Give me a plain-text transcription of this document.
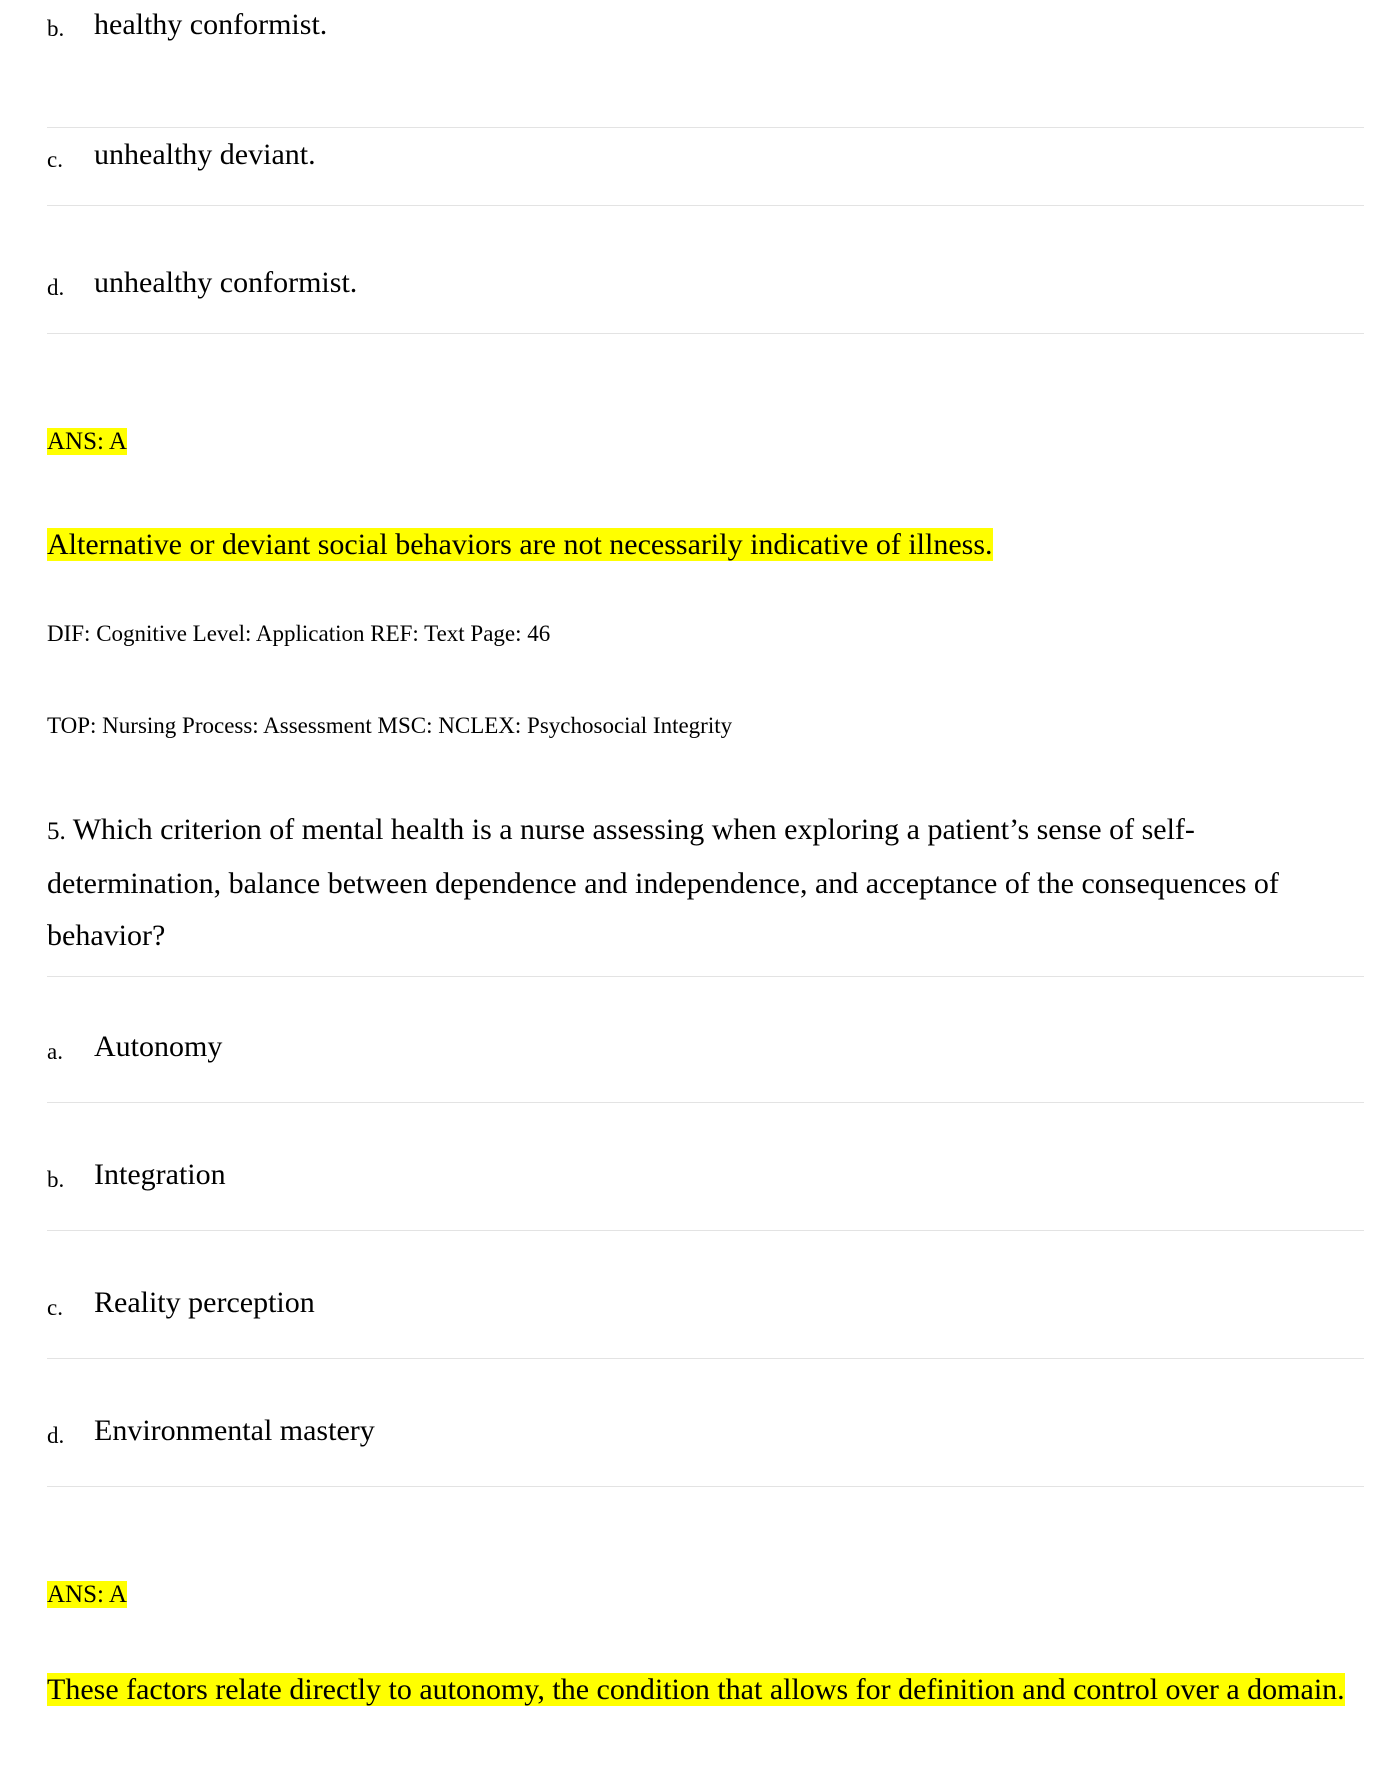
b. healthy conformist.
c. unhealthy deviant.
d. unhealthy conformist.
ANS: A
Alternative or deviant social behaviors are not necessarily indicative of illness.
DIF: Cognitive Level: Application REF: Text Page: 46
TOP: Nursing Process: Assessment MSC: NCLEX: Psychosocial Integrity
5. Which criterion of mental health is a nurse assessing when exploring a patient’s sense of self-determination, balance between dependence and independence, and acceptance of the consequences of behavior?
a. Autonomy
b. Integration
c. Reality perception
d. Environmental mastery
ANS: A
These factors relate directly to autonomy, the condition that allows for definition and control over a domain.
